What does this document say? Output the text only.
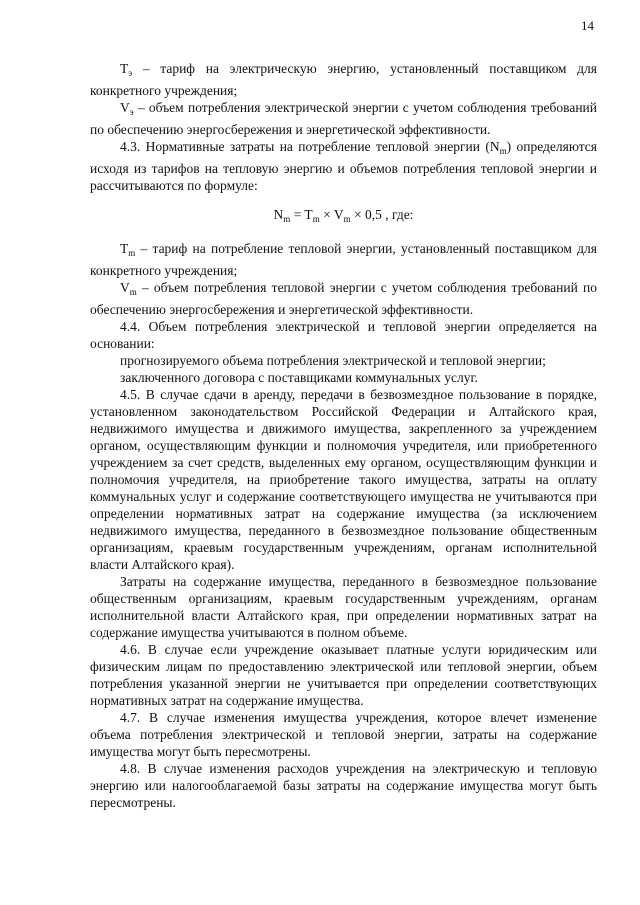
14

$T_э$ – тариф на электрическую энергию, установленный поставщиком для конкретного учреждения;

$V_э$ – объем потребления электрической энергии с учетом соблюдения требований по обеспечению энергосбережения и энергетической эффективности.

4.3. Нормативные затраты на потребление тепловой энергии $(N_m)$ определяются исходя из тарифов на тепловую энергию и объемов потребления тепловой энергии и рассчитываются по формуле:

$N_m = T_m \times V_m \times 0,5$ , где:

$T_m$ – тариф на потребление тепловой энергии, установленный поставщиком для конкретного учреждения;

$V_m$ – объем потребления тепловой энергии с учетом соблюдения требований по обеспечению энергосбережения и энергетической эффективности.

4.4. Объем потребления электрической и тепловой энергии определяется на основании:

прогнозируемого объема потребления электрической и тепловой энергии;

заключенного договора с поставщиками коммунальных услуг.

4.5. В случае сдачи в аренду, передачи в безвозмездное пользование в порядке, установленном законодательством Российской Федерации и Алтайского края, недвижимого имущества и движимого имущества, закрепленного за учреждением органом, осуществляющим функции и полномочия учредителя, или приобретенного учреждением за счет средств, выделенных ему органом, осуществляющим функции и полномочия учредителя, на приобретение такого имущества, затраты на оплату коммунальных услуг и содержание соответствующего имущества не учитываются при определении нормативных затрат на содержание имущества (за исключением недвижимого имущества, переданного в безвозмездное пользование общественным организациям, краевым государственным учреждениям, органам исполнительной власти Алтайского края).

Затраты на содержание имущества, переданного в безвозмездное пользование общественным организациям, краевым государственным учреждениям, органам исполнительной власти Алтайского края, при определении нормативных затрат на содержание имущества учитываются в полном объеме.

4.6. В случае если учреждение оказывает платные услуги юридическим или физическим лицам по предоставлению электрической или тепловой энергии, объем потребления указанной энергии не учитывается при определении соответствующих нормативных затрат на содержание имущества.

4.7. В случае изменения имущества учреждения, которое влечет изменение объема потребления электрической и тепловой энергии, затраты на содержание имущества могут быть пересмотрены.

4.8. В случае изменения расходов учреждения на электрическую и тепловую энергию или налогооблагаемой базы затраты на содержание имущества могут быть пересмотрены.
